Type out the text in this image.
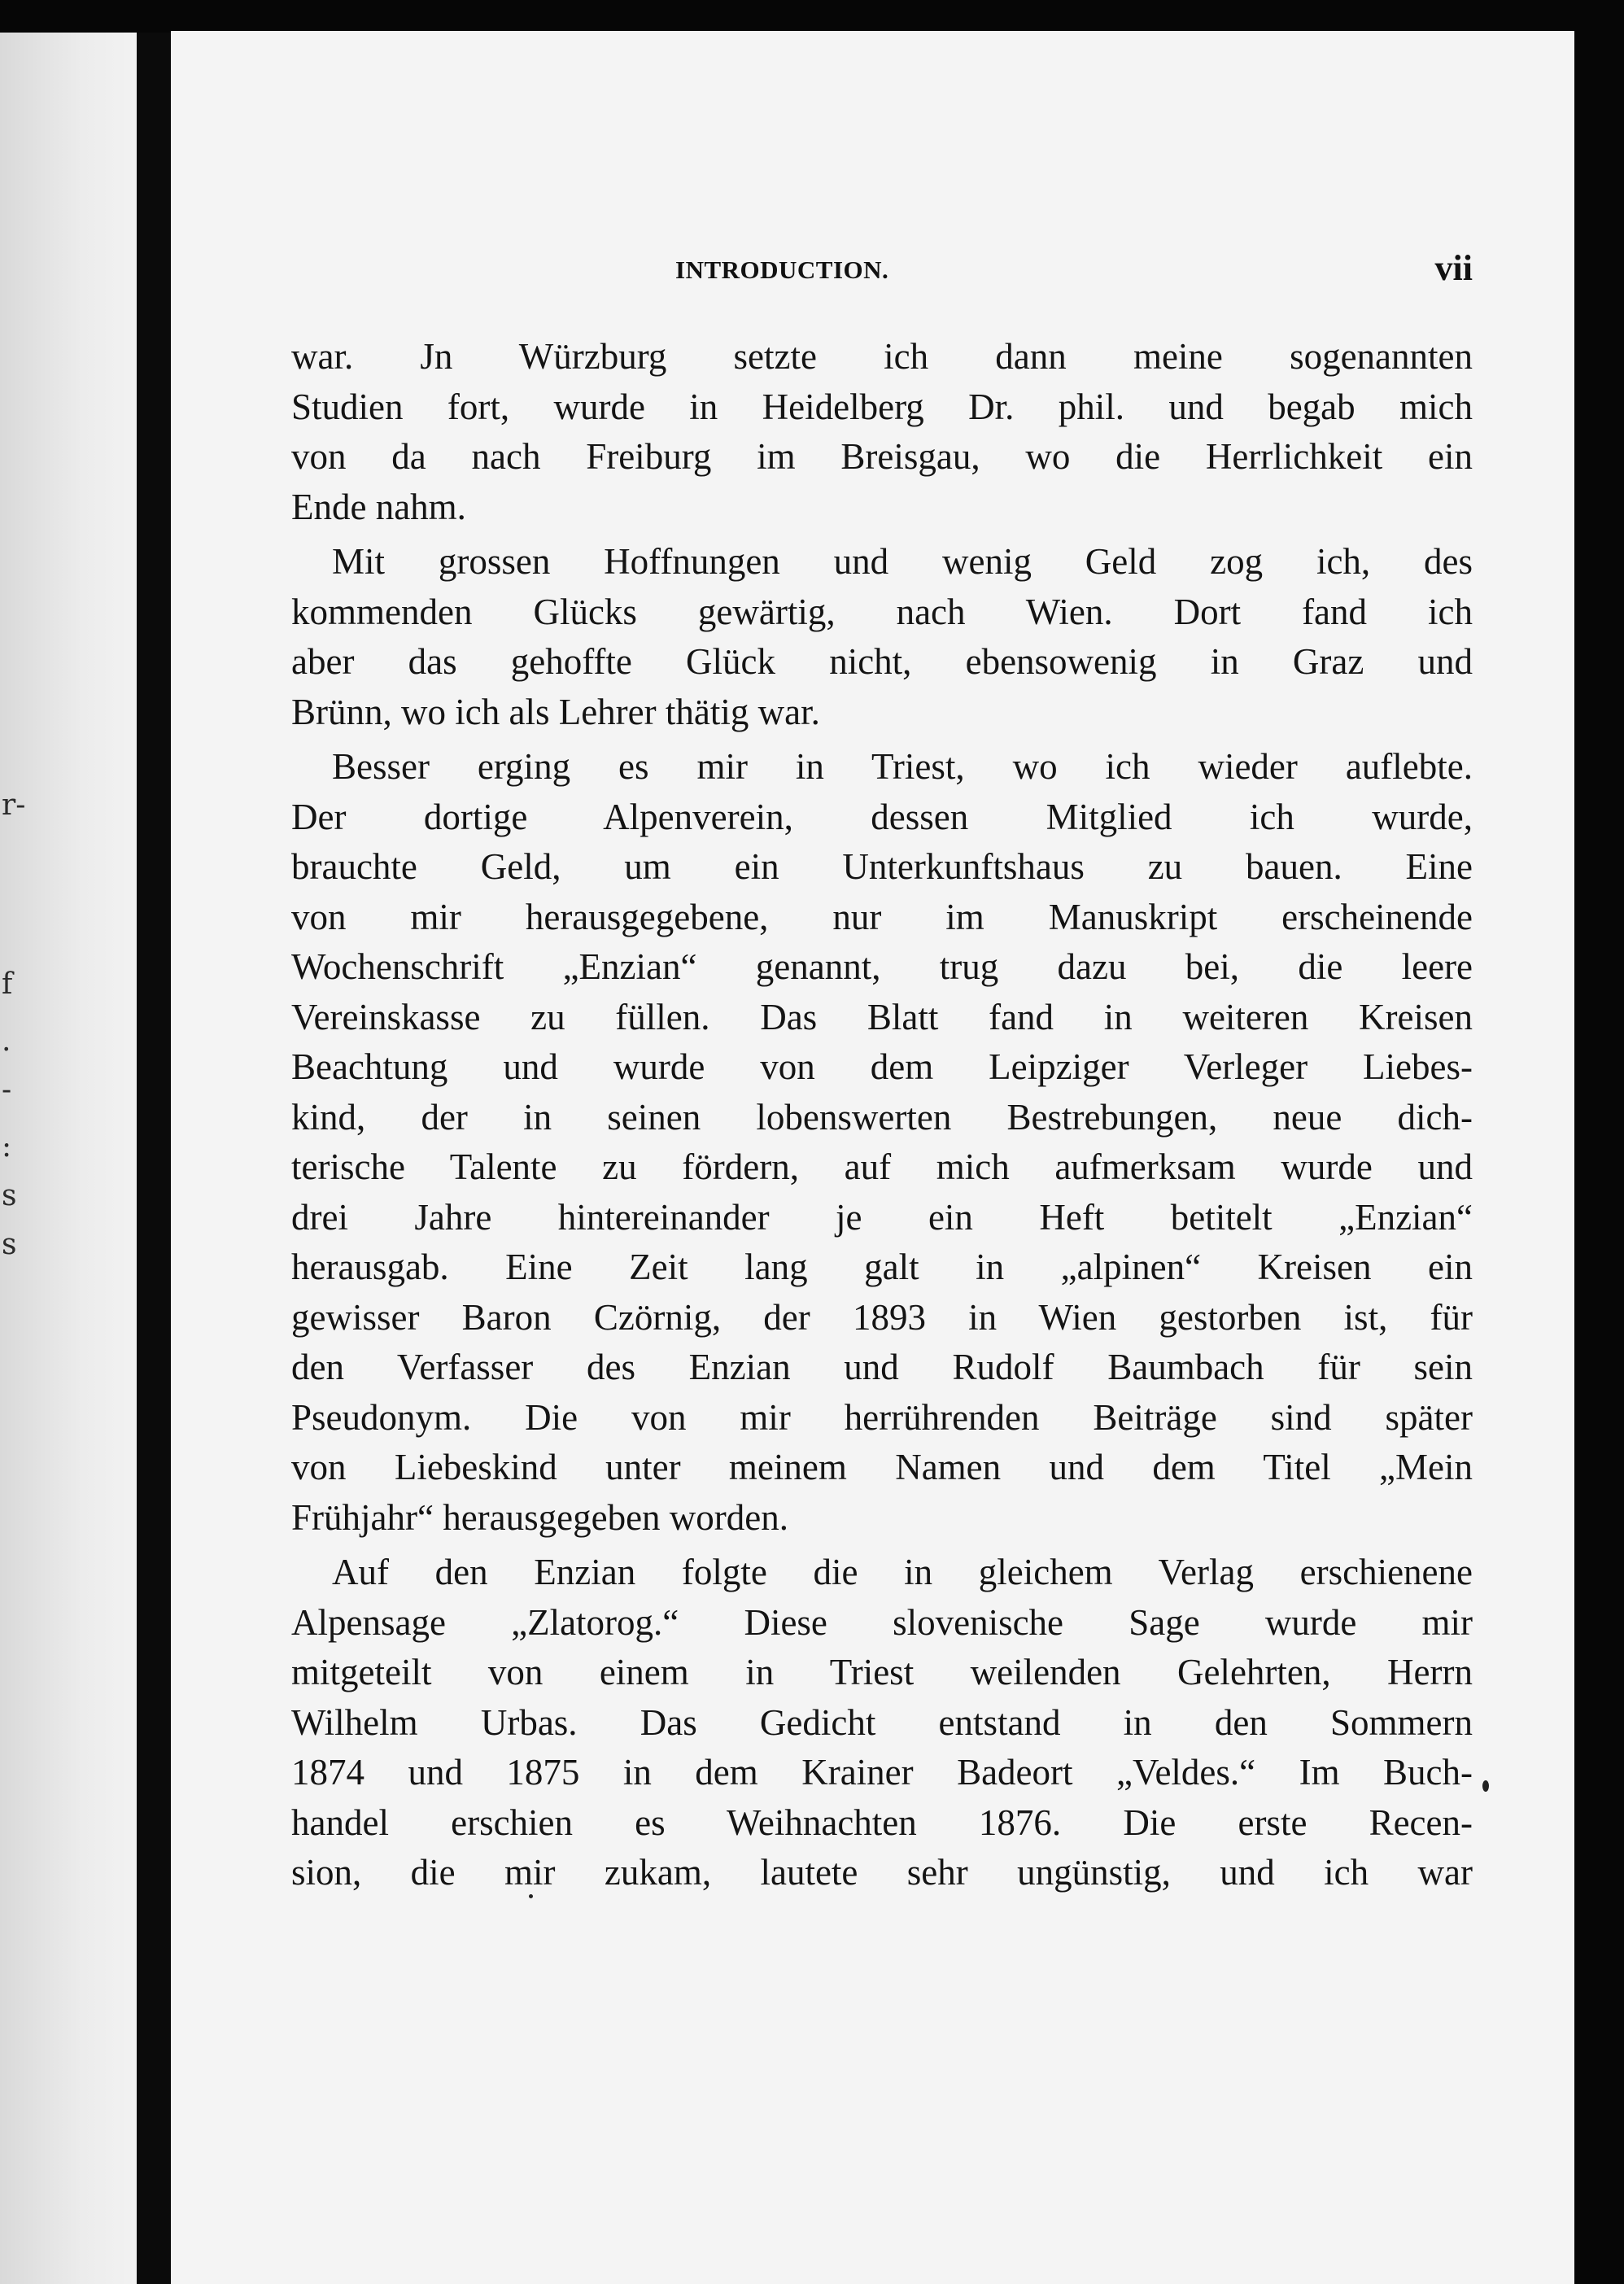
r-
f
.
-
:
s
s
INTRODUCTION.	vii
war. Jn Würzburg setzte ich dann meine sogenannten
Studien fort, wurde in Heidelberg Dr. phil. und begab mich
von da nach Freiburg im Breisgau, wo die Herrlichkeit ein
Ende nahm.
Mit grossen Hoffnungen und wenig Geld zog ich, des
kommenden Glücks gewärtig, nach Wien. Dort fand ich
aber das gehoffte Glück nicht, ebensowenig in Graz und
Brünn, wo ich als Lehrer thätig war.
Besser erging es mir in Triest, wo ich wieder auflebte.
Der dortige Alpenverein, dessen Mitglied ich wurde,
brauchte Geld, um ein Unterkunftshaus zu bauen. Eine
von mir herausgegebene, nur im Manuskript erscheinende
Wochenschrift „Enzian“ genannt, trug dazu bei, die leere
Vereinskasse zu füllen. Das Blatt fand in weiteren Kreisen
Beachtung und wurde von dem Leipziger Verleger Liebes-
kind, der in seinen lobenswerten Bestrebungen, neue dich-
terische Talente zu fördern, auf mich aufmerksam wurde und
drei Jahre hintereinander je ein Heft betitelt „Enzian“
herausgab. Eine Zeit lang galt in „alpinen“ Kreisen ein
gewisser Baron Czörnig, der 1893 in Wien gestorben ist, für
den Verfasser des Enzian und Rudolf Baumbach für sein
Pseudonym. Die von mir herrührenden Beiträge sind später
von Liebeskind unter meinem Namen und dem Titel „Mein
Frühjahr“ herausgegeben worden.
Auf den Enzian folgte die in gleichem Verlag erschienene
Alpensage „Zlatorog.“ Diese slovenische Sage wurde mir
mitgeteilt von einem in Triest weilenden Gelehrten, Herrn
Wilhelm Urbas. Das Gedicht entstand in den Sommern
1874 und 1875 in dem Krainer Badeort „Veldes.“ Im Buch-
handel erschien es Weihnachten 1876. Die erste Recen-
sion, die mir zukam, lautete sehr ungünstig, und ich war
